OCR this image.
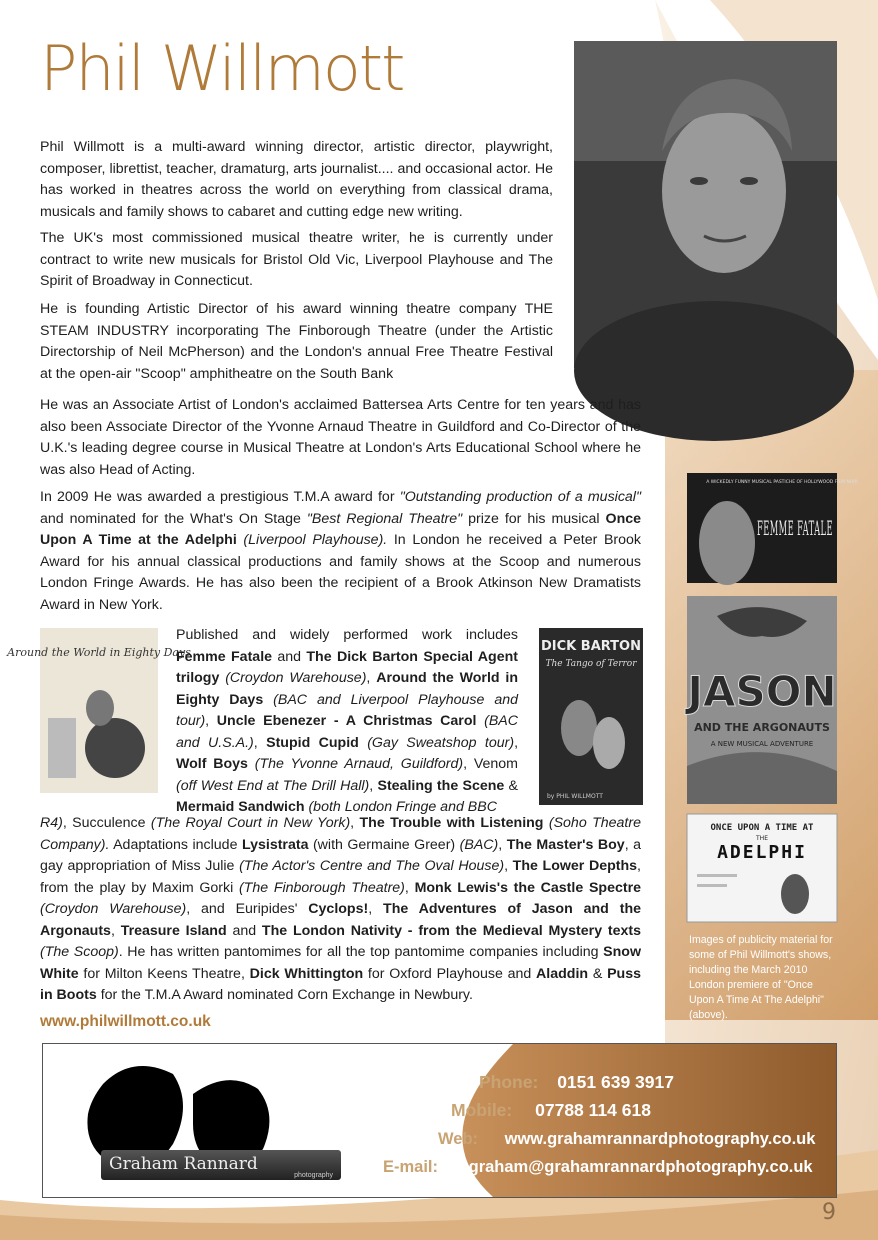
Phil Willmott

Phil Willmott is a multi-award winning director, artistic director, playwright, composer, librettist, teacher, dramaturg, arts journalist.... and occasional actor. He has worked in theatres across the world on everything from classical drama, musicals and family shows to cabaret and cutting edge new writing.

The UK's most commissioned musical theatre writer, he is currently under contract to write new musicals for Bristol Old Vic, Liverpool Playhouse and The Spirit of Broadway in Connecticut.

He is founding Artistic Director of his award winning theatre company THE STEAM INDUSTRY incorporating The Finborough Theatre (under the Artistic Directorship of Neil McPherson) and the London's annual Free Theatre Festival at the open-air "Scoop" amphitheatre on the South Bank

He was an Associate Artist of London's acclaimed Battersea Arts Centre for ten years and has also been Associate Director of the Yvonne Arnaud Theatre in Guildford and Co-Director of the U.K.'s leading degree course in Musical Theatre at London's Arts Educational School where he was also Head of Acting.

In 2009 He was awarded a prestigious T.M.A award for "Outstanding production of a musical" and nominated for the What's On Stage "Best Regional Theatre" prize for his musical Once Upon A Time at the Adelphi (Liverpool Playhouse). In London he received a Peter Brook Award for his annual classical productions and family shows at the Scoop and numerous London Fringe Awards. He has also been the recipient of a Brook Atkinson New Dramatists Award in New York.

Around the World in Eighty Days	DICK BARTON
The Tango of Terror
by PHIL WILLMOTT

Published and widely performed work includes Femme Fatale and The Dick Barton Special Agent trilogy (Croydon Warehouse), Around the World in Eighty Days (BAC and Liverpool Playhouse and tour), Uncle Ebenezer - A Christmas Carol (BAC and U.S.A.), Stupid Cupid (Gay Sweatshop tour), Wolf Boys (The Yvonne Arnaud, Guildford), Venom (off West End at The Drill Hall), Stealing the Scene & Mermaid Sandwich (both London Fringe and BBC

R4), Succulence (The Royal Court in New York), The Trouble with Listening (Soho Theatre Company). Adaptations include Lysistrata (with Germaine Greer) (BAC), The Master's Boy, a gay appropriation of Miss Julie (The Actor's Centre and The Oval House), The Lower Depths, from the play by Maxim Gorki (The Finborough Theatre), Monk Lewis's the Castle Spectre (Croydon Warehouse), and Euripides' Cyclops!, The Adventures of Jason and the Argonauts, Treasure Island and The London Nativity - from the Medieval Mystery texts (The Scoop). He has written pantomimes for all the top pantomime companies including Snow White for Milton Keens Theatre, Dick Whittington for Oxford Playhouse and Aladdin & Puss in Boots for the T.M.A Award nominated Corn Exchange in Newbury.

www.philwillmott.co.uk
A WICKEDLY FUNNY MUSICAL PASTICHE OF HOLLYWOOD FILM NOIR
FEMME FATALE
JASON
AND THE ARGONAUTS
A NEW MUSICAL ADVENTURE
ONCE UPON A TIME AT
THE
ADELPHI
Images of publicity material for some of Phil Willmott's shows, including the March 2010 London premiere of "Once Upon A Time At The Adelphi" (above).
Graham Rannard
photography
Phone: 0151 639 3917
Mobile: 07788 114 618
Web: www.grahamrannardphotography.co.uk
E-mail: graham@grahamrannardphotography.co.uk
9
